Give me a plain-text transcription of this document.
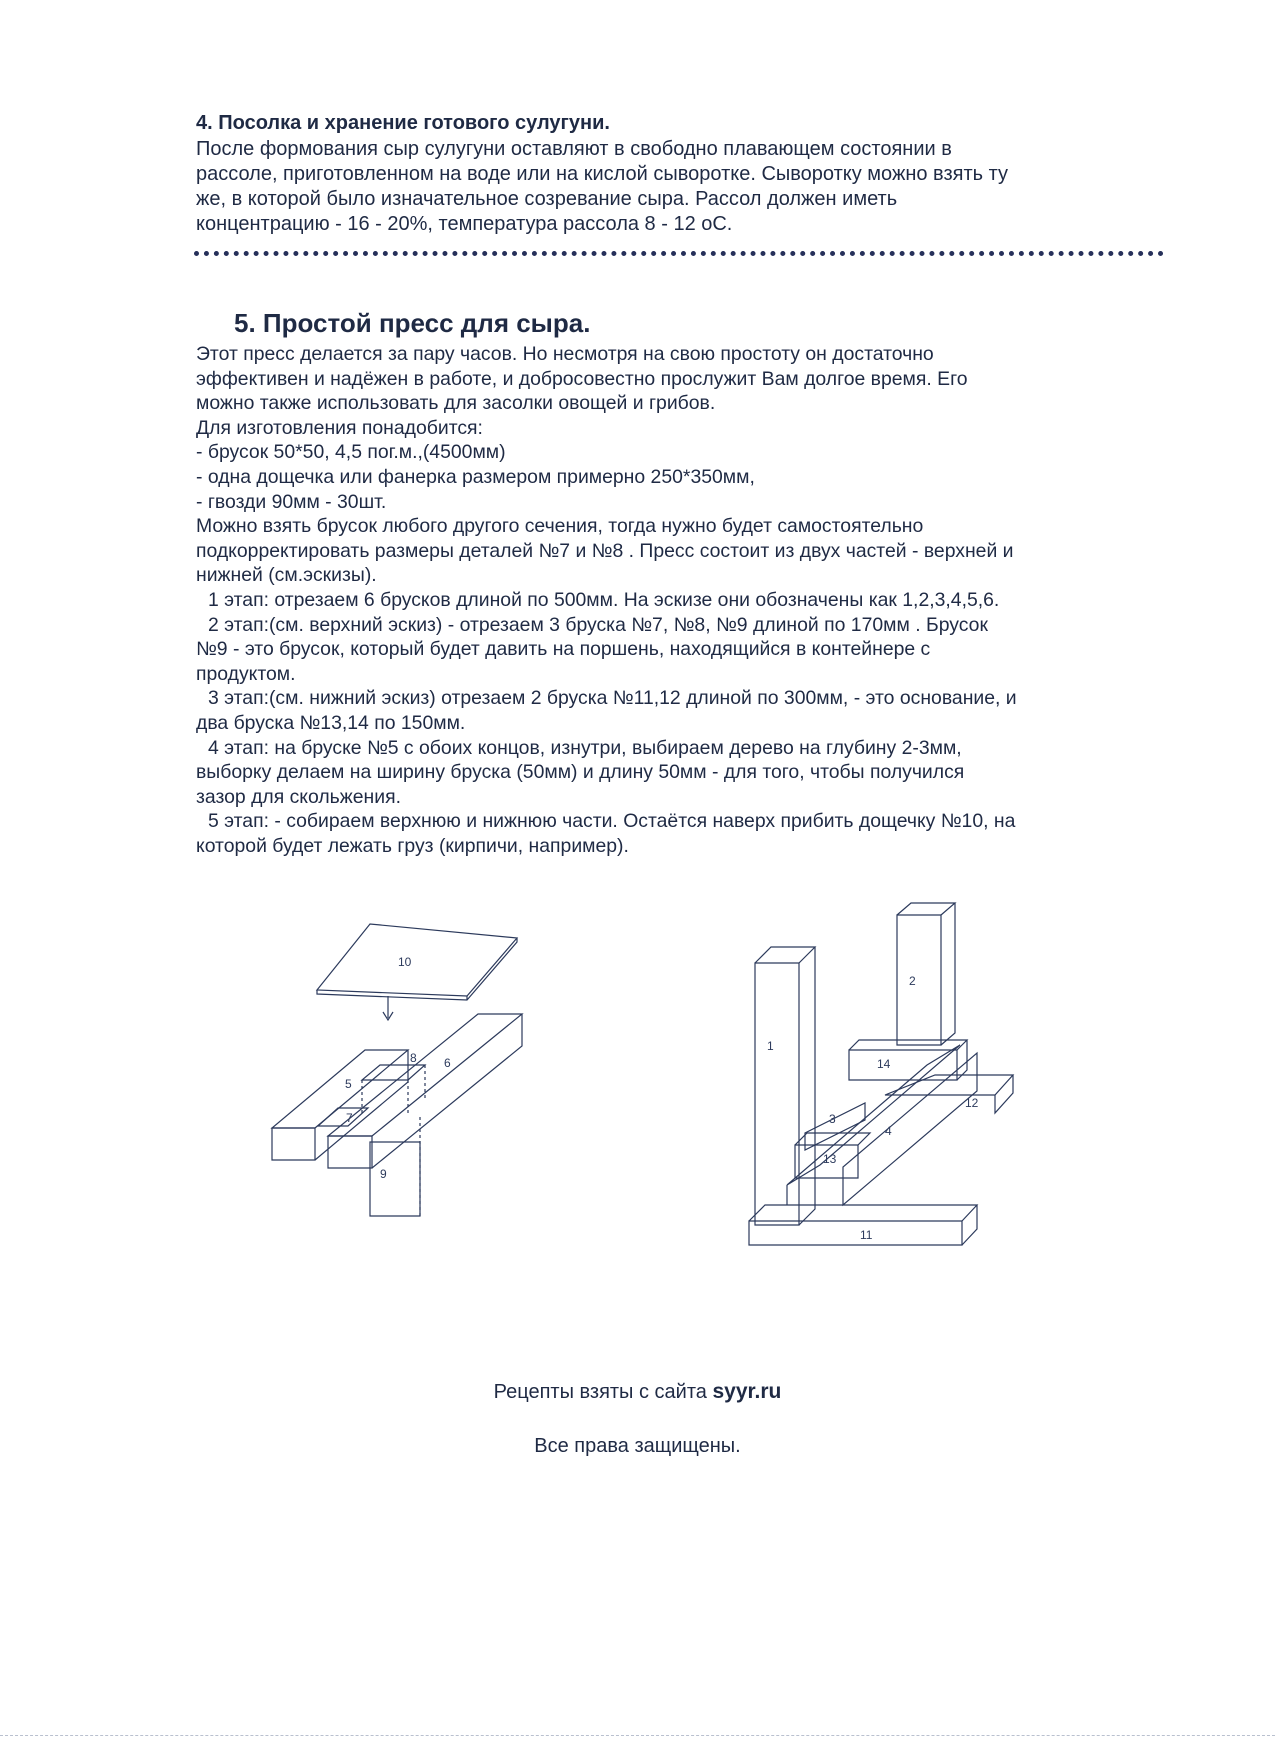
4. Посолка и хранение готового сулугуни.

После формования сыр сулугуни оставляют в свободно плавающем состоянии в

рассоле, приготовленном на воде или на кислой сыворотке. Сыворотку можно взять ту

же, в которой было изначательное созревание сыра. Рассол должен иметь

концентрацию - 16 - 20%, температура рассола 8 - 12 оС.

5. Простой пресс для сыра.

Этот пресс делается за пару часов. Но несмотря на свою простоту он достаточно

эффективен и надёжен в работе, и добросовестно прослужит Вам долгое время. Его

можно также использовать для засолки овощей и грибов.

Для изготовления понадобится:

- брусок 50*50, 4,5 пог.м.,(4500мм)

- одна дощечка или фанерка размером примерно 250*350мм,

- гвозди 90мм - 30шт.

Можно взять брусок любого другого сечения, тогда нужно будет самостоятельно

подкорректировать размеры деталей №7 и №8 . Пресс состоит из двух частей - верхней и

нижней (см.эскизы).

1 этап: отрезаем 6 брусков длиной по 500мм. На эскизе они обозначены как 1,2,3,4,5,6.

2 этап:(см. верхний эскиз) - отрезаем 3 бруска №7, №8, №9 длиной по 170мм . Брусок

№9 - это брусок, который будет давить на поршень, находящийся в контейнере с

продуктом.

3 этап:(см. нижний эскиз) отрезаем 2 бруска №11,12 длиной по 300мм, - это основание, и

два бруска №13,14 по 150мм.

4 этап: на бруске №5 с обоих концов, изнутри, выбираем дерево на глубину 2-3мм,

выборку делаем на ширину бруска (50мм) и длину 50мм - для того, чтобы получился

зазор для скольжения.

5 этап: - собираем верхнюю и нижнюю части. Остаётся наверх прибить дощечку №10, на

которой будет лежать груз (кирпичи, например).

10
5
7
8 6
9
1
2
14
3
4
12
13
11
Рецепты взяты с сайта syyr.ru
Все права защищены.
